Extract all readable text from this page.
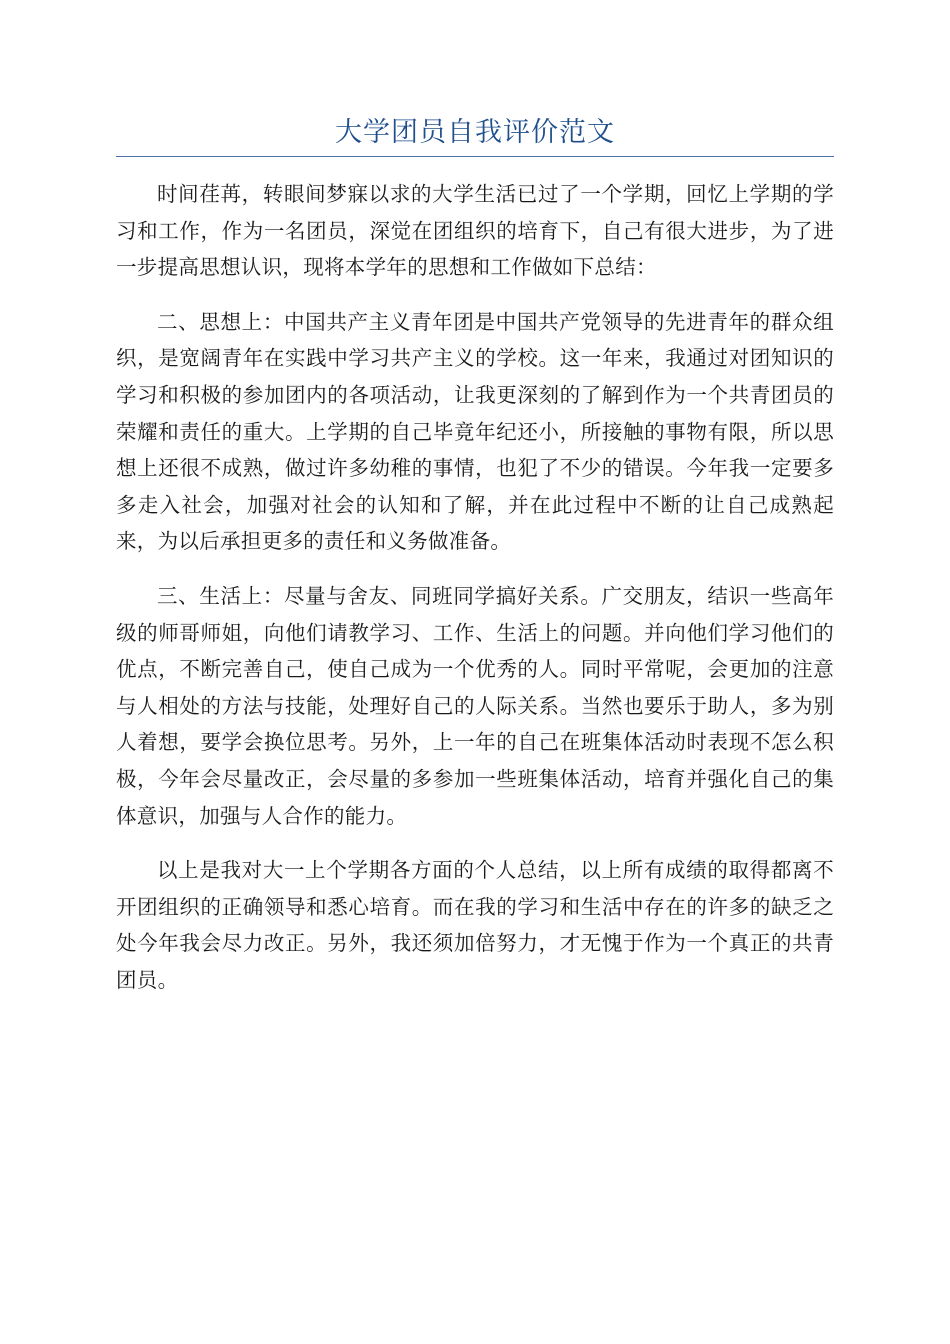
大学团员自我评价范文

时间荏苒，转眼间梦寐以求的大学生活已过了一个学期，回忆上学期的学习和工作，作为一名团员，深觉在团组织的培育下，自己有很大进步，为了进一步提高思想认识，现将本学年的思想和工作做如下总结：

二、思想上：中国共产主义青年团是中国共产党领导的先进青年的群众组织，是宽阔青年在实践中学习共产主义的学校。这一年来，我通过对团知识的学习和积极的参加团内的各项活动，让我更深刻的了解到作为一个共青团员的荣耀和责任的重大。上学期的自己毕竟年纪还小，所接触的事物有限，所以思想上还很不成熟，做过许多幼稚的事情，也犯了不少的错误。今年我一定要多多走入社会，加强对社会的认知和了解，并在此过程中不断的让自己成熟起来，为以后承担更多的责任和义务做准备。

三、生活上：尽量与舍友、同班同学搞好关系。广交朋友，结识一些高年级的师哥师姐，向他们请教学习、工作、生活上的问题。并向他们学习他们的优点，不断完善自己，使自己成为一个优秀的人。同时平常呢，会更加的注意与人相处的方法与技能，处理好自己的人际关系。当然也要乐于助人，多为别人着想，要学会换位思考。另外，上一年的自己在班集体活动时表现不怎么积极，今年会尽量改正，会尽量的多参加一些班集体活动，培育并强化自己的集体意识，加强与人合作的能力。

以上是我对大一上个学期各方面的个人总结，以上所有成绩的取得都离不开团组织的正确领导和悉心培育。而在我的学习和生活中存在的许多的缺乏之处今年我会尽力改正。另外，我还须加倍努力，才无愧于作为一个真正的共青团员。
